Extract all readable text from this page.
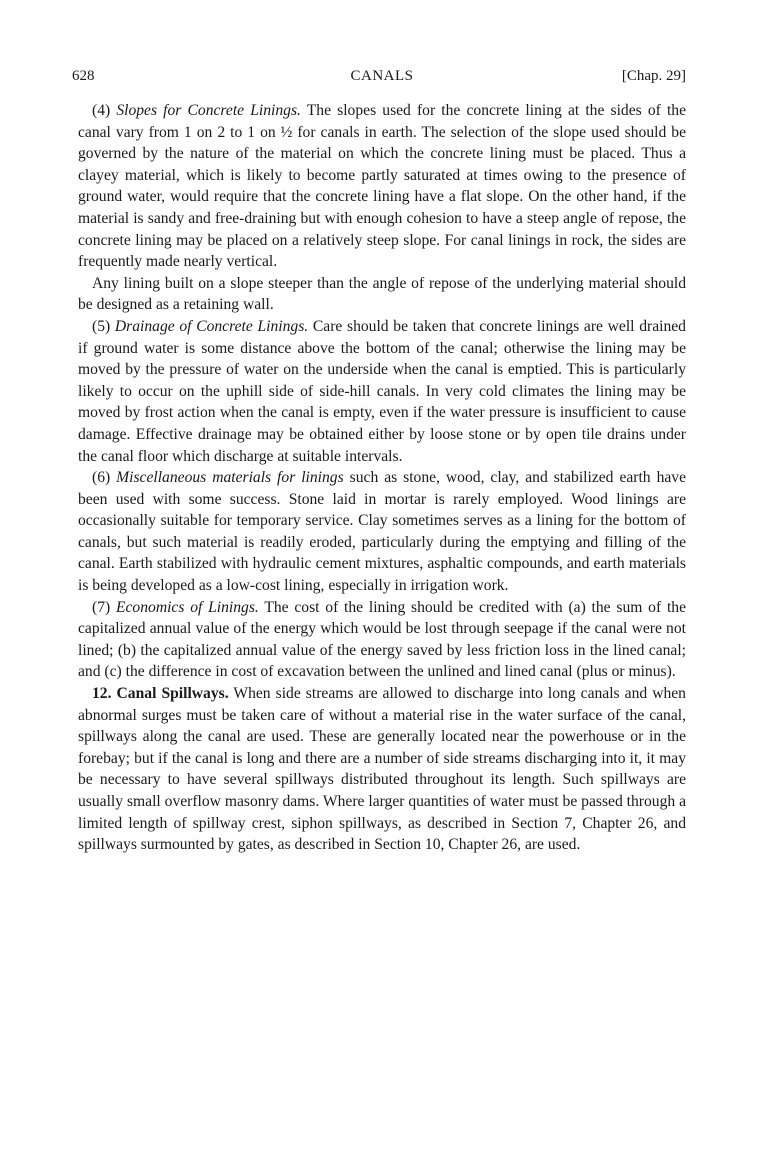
628	CANALS	[Chap. 29]

(4) Slopes for Concrete Linings. The slopes used for the concrete lining at the sides of the canal vary from 1 on 2 to 1 on ½ for canals in earth. The selection of the slope used should be governed by the nature of the material on which the concrete lining must be placed. Thus a clayey material, which is likely to become partly saturated at times owing to the presence of ground water, would require that the concrete lining have a flat slope. On the other hand, if the material is sandy and free-draining but with enough cohesion to have a steep angle of repose, the concrete lining may be placed on a relatively steep slope. For canal linings in rock, the sides are frequently made nearly vertical.

Any lining built on a slope steeper than the angle of repose of the underlying material should be designed as a retaining wall.

(5) Drainage of Concrete Linings. Care should be taken that concrete linings are well drained if ground water is some distance above the bottom of the canal; otherwise the lining may be moved by the pressure of water on the underside when the canal is emptied. This is particularly likely to occur on the uphill side of side-hill canals. In very cold climates the lining may be moved by frost action when the canal is empty, even if the water pressure is insufficient to cause damage. Effective drainage may be obtained either by loose stone or by open tile drains under the canal floor which discharge at suitable intervals.

(6) Miscellaneous materials for linings such as stone, wood, clay, and stabilized earth have been used with some success. Stone laid in mortar is rarely employed. Wood linings are occasionally suitable for temporary service. Clay sometimes serves as a lining for the bottom of canals, but such material is readily eroded, particularly during the emptying and filling of the canal. Earth stabilized with hydraulic cement mixtures, asphaltic compounds, and earth materials is being developed as a low-cost lining, especially in irrigation work.

(7) Economics of Linings. The cost of the lining should be credited with (a) the sum of the capitalized annual value of the energy which would be lost through seepage if the canal were not lined; (b) the capitalized annual value of the energy saved by less friction loss in the lined canal; and (c) the difference in cost of excavation between the unlined and lined canal (plus or minus).

12. Canal Spillways. When side streams are allowed to discharge into long canals and when abnormal surges must be taken care of without a material rise in the water surface of the canal, spillways along the canal are used. These are generally located near the powerhouse or in the forebay; but if the canal is long and there are a number of side streams discharging into it, it may be necessary to have several spillways distributed throughout its length. Such spillways are usually small overflow masonry dams. Where larger quantities of water must be passed through a limited length of spillway crest, siphon spillways, as described in Section 7, Chapter 26, and spillways surmounted by gates, as described in Section 10, Chapter 26, are used.
